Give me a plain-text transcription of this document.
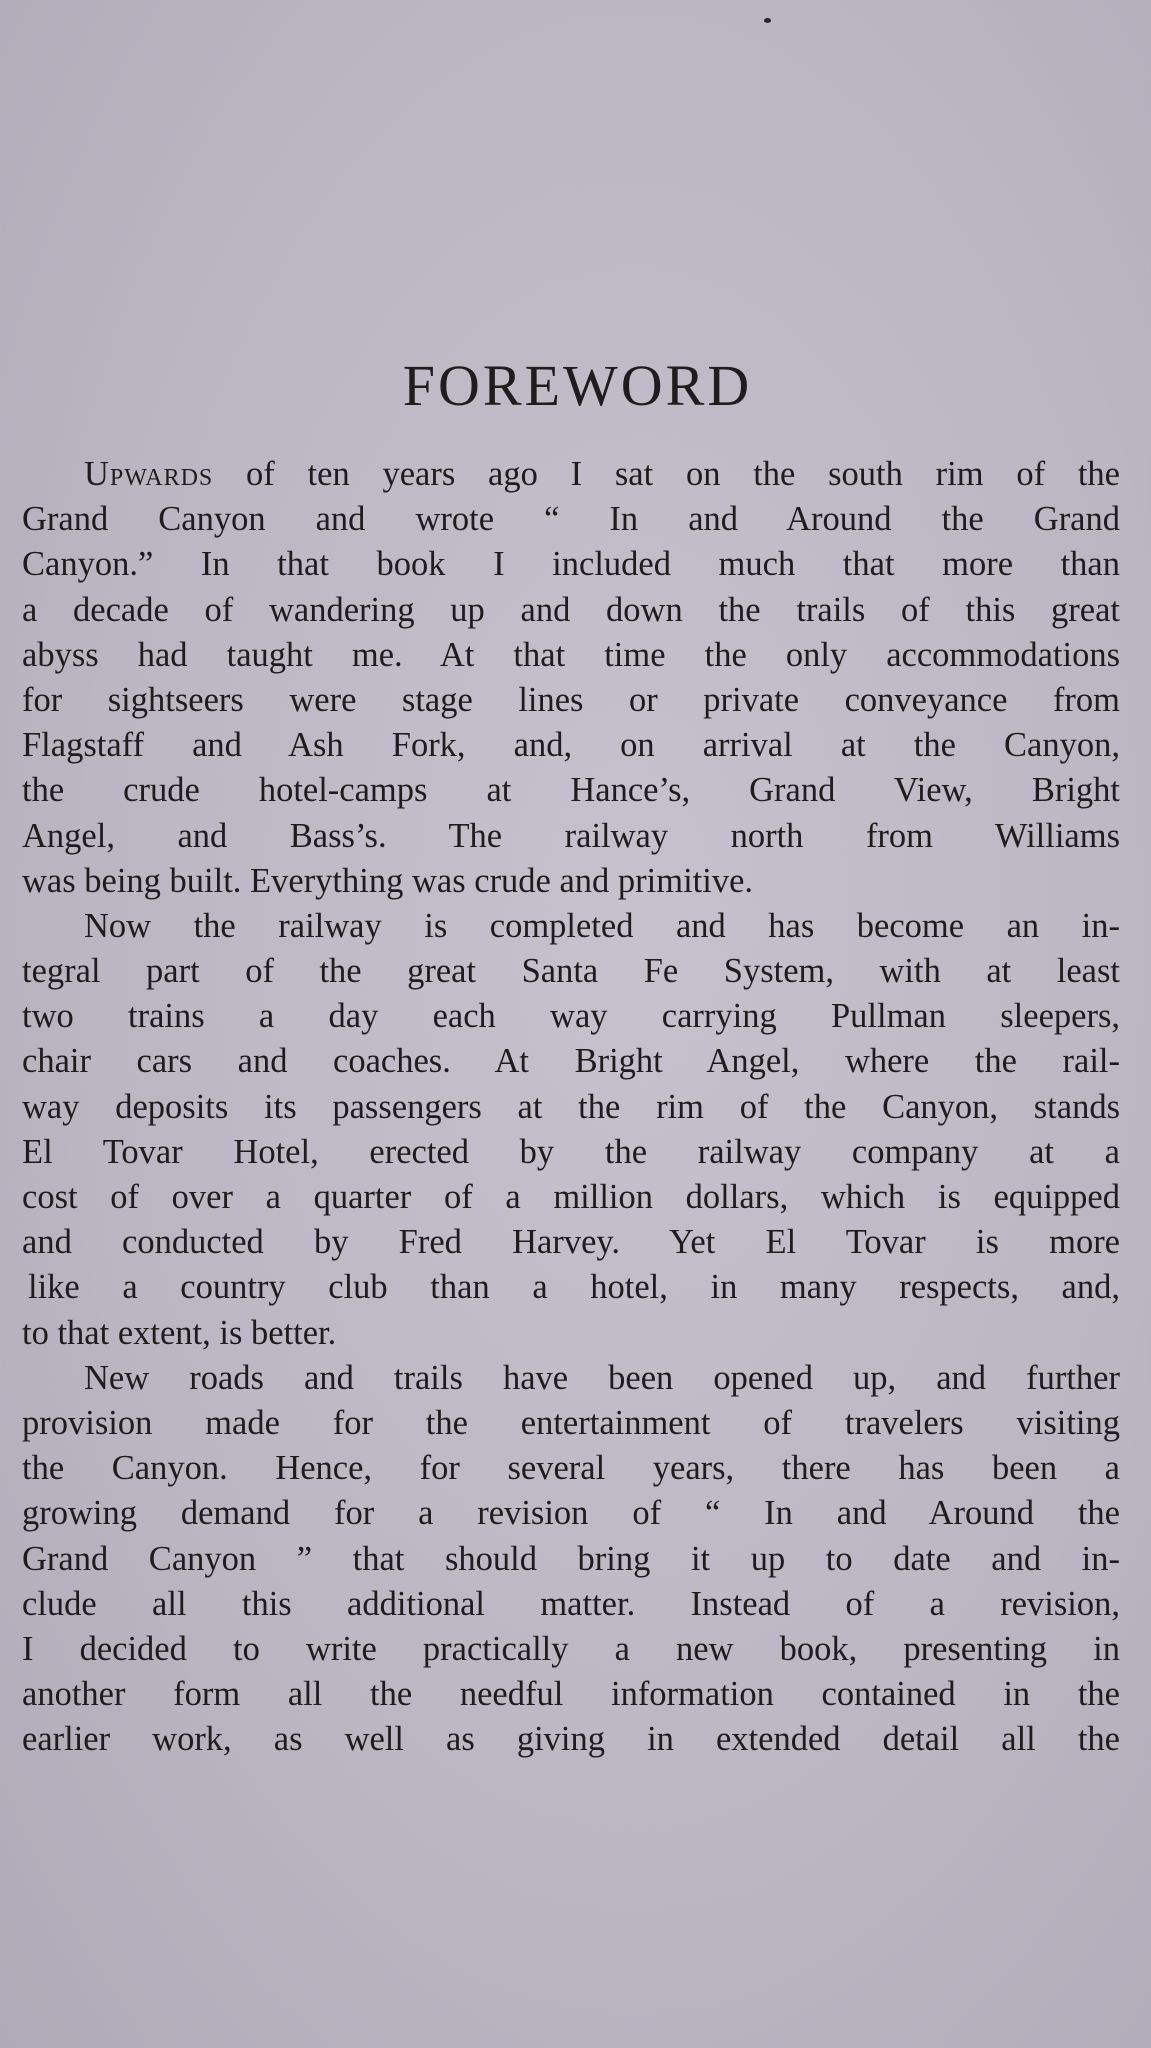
FOREWORD
Upwards of ten years ago I sat on the south rim of the
Grand Canyon and wrote “ In and Around the Grand
Canyon.” In that book I included much that more than
a decade of wandering up and down the trails of this great
abyss had taught me. At that time the only accommodations
for sightseers were stage lines or private conveyance from
Flagstaff and Ash Fork, and, on arrival at the Canyon,
the crude hotel-camps at Hance’s, Grand View, Bright
Angel, and Bass’s. The railway north from Williams
was being built. Everything was crude and primitive.
Now the railway is completed and has become an in-
tegral part of the great Santa Fe System, with at least
two trains a day each way carrying Pullman sleepers,
chair cars and coaches. At Bright Angel, where the rail-
way deposits its passengers at the rim of the Canyon, stands
El Tovar Hotel, erected by the railway company at a
cost of over a quarter of a million dollars, which is equipped
and conducted by Fred Harvey. Yet El Tovar is more
like a country club than a hotel, in many respects, and,
to that extent, is better.
New roads and trails have been opened up, and further
provision made for the entertainment of travelers visiting
the Canyon. Hence, for several years, there has been a
growing demand for a revision of “ In and Around the
Grand Canyon ” that should bring it up to date and in-
clude all this additional matter. Instead of a revision,
I decided to write practically a new book, presenting in
another form all the needful information contained in the
earlier work, as well as giving in extended detail all the
